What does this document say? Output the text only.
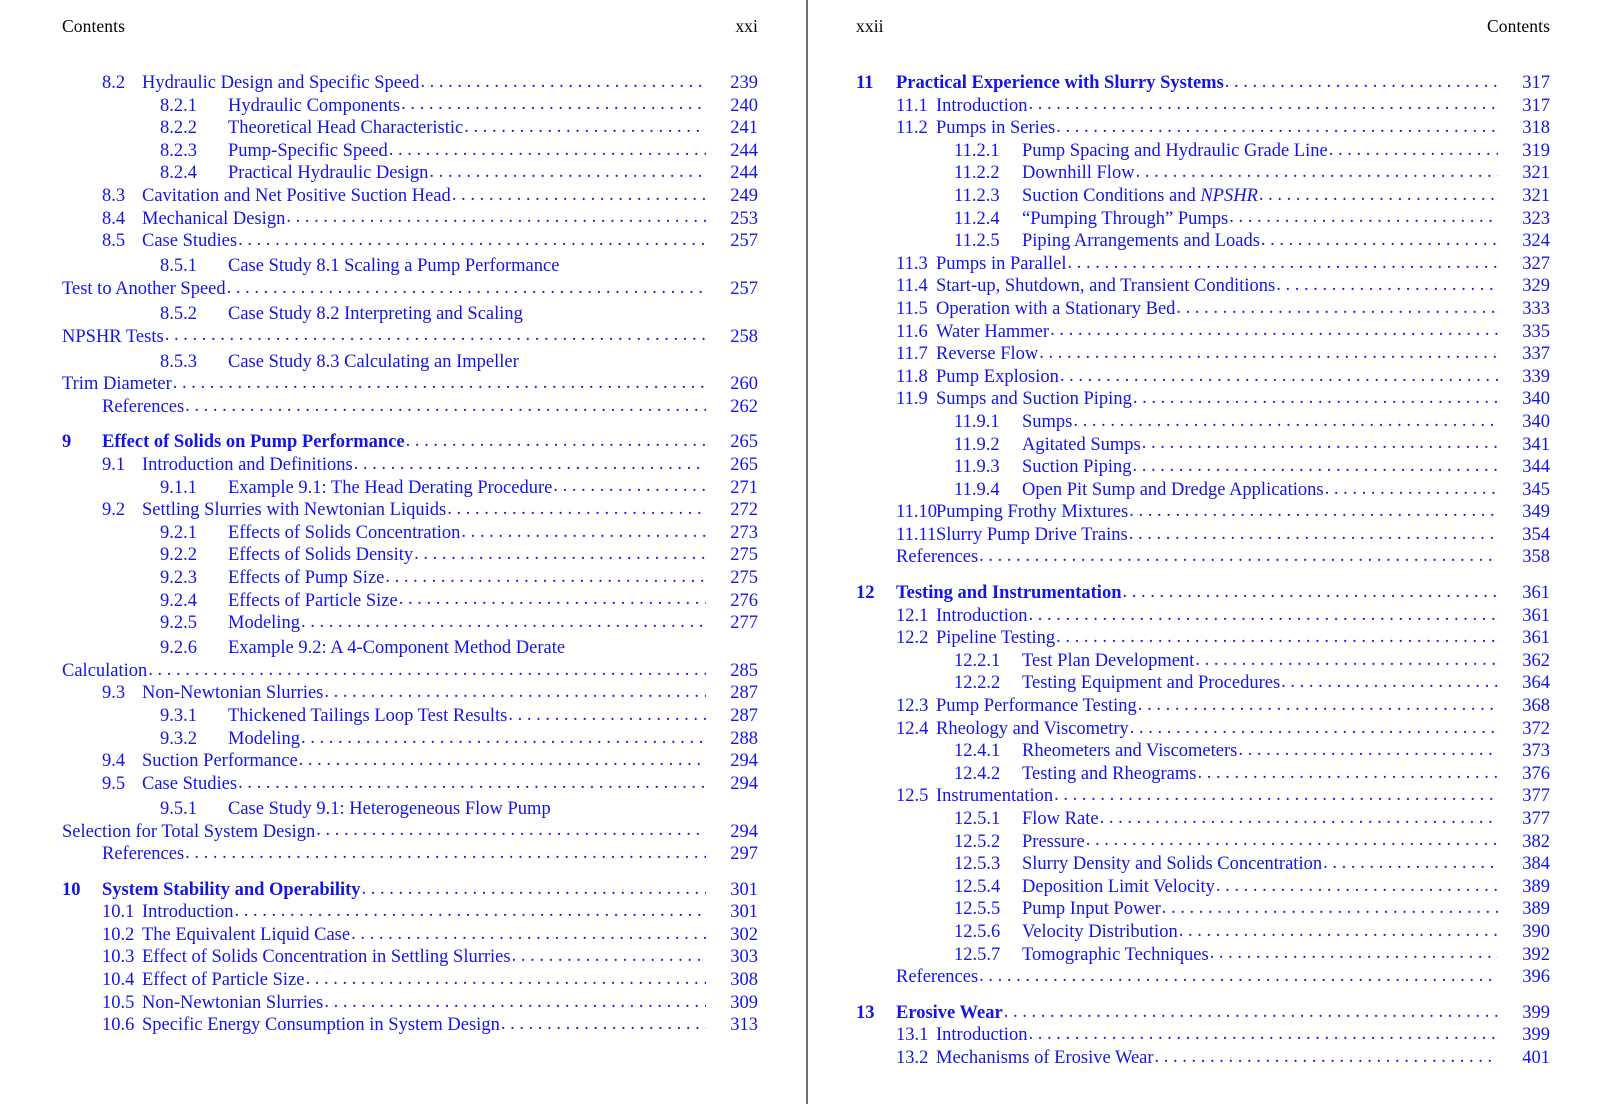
Contents	xxi
8.2 Hydraulic Design and Specific Speed . . .	239
8.2.1	Hydraulic Components . . .	240
8.2.2	Theoretical Head Characteristic . . .	241
8.2.3	Pump-Specific Speed . . .	244
8.2.4	Practical Hydraulic Design . . .	244
8.3 Cavitation and Net Positive Suction Head . . .	249
8.4 Mechanical Design . . .	253
8.5 Case Studies . . .	257
8.5.1	Case Study 8.1 Scaling a Pump Performance
Test to Another Speed . . .	257
8.5.2	Case Study 8.2 Interpreting and Scaling
NPSHR Tests . . .	258
8.5.3	Case Study 8.3 Calculating an Impeller
Trim Diameter . . .	260
References . . .	262
9	Effect of Solids on Pump Performance . . .	265
9.1 Introduction and Definitions . . .	265
9.1.1	Example 9.1: The Head Derating Procedure . . .	271
9.2 Settling Slurries with Newtonian Liquids . . .	272
9.2.1	Effects of Solids Concentration . . .	273
9.2.2	Effects of Solids Density . . .	275
9.2.3	Effects of Pump Size . . .	275
9.2.4	Effects of Particle Size . . .	276
9.2.5	Modeling . . .	277
9.2.6	Example 9.2: A 4-Component Method Derate
Calculation . . .	285
9.3 Non-Newtonian Slurries . . .	287
9.3.1	Thickened Tailings Loop Test Results . . .	287
9.3.2	Modeling . . .	288
9.4 Suction Performance . . .	294
9.5 Case Studies . . .	294
9.5.1	Case Study 9.1: Heterogeneous Flow Pump
Selection for Total System Design . . .	294
References . . .	297
10	System Stability and Operability . . .	301
10.1 Introduction . . .	301
10.2 The Equivalent Liquid Case . . .	302
10.3 Effect of Solids Concentration in Settling Slurries . . .	303
10.4 Effect of Particle Size . . .	308
10.5 Non-Newtonian Slurries . . .	309
10.6 Specific Energy Consumption in System Design . . .	313
xxii	Contents
11	Practical Experience with Slurry Systems . . .	317
11.1 Introduction . . .	317
11.2 Pumps in Series . . .	318
11.2.1	Pump Spacing and Hydraulic Grade Line . . .	319
11.2.2	Downhill Flow . . .	321
11.2.3	Suction Conditions and NPSHR . . .	321
11.2.4	“Pumping Through” Pumps . . .	323
11.2.5	Piping Arrangements and Loads . . .	324
11.3 Pumps in Parallel . . .	327
11.4 Start-up, Shutdown, and Transient Conditions . . .	329
11.5 Operation with a Stationary Bed . . .	333
11.6 Water Hammer . . .	335
11.7 Reverse Flow . . .	337
11.8 Pump Explosion . . .	339
11.9 Sumps and Suction Piping . . .	340
11.9.1	Sumps . . .	340
11.9.2	Agitated Sumps . . .	341
11.9.3	Suction Piping . . .	344
11.9.4	Open Pit Sump and Dredge Applications . . .	345
11.10 Pumping Frothy Mixtures . . .	349
11.11 Slurry Pump Drive Trains . . .	354
References . . .	358
12	Testing and Instrumentation . . .	361
12.1 Introduction . . .	361
12.2 Pipeline Testing . . .	361
12.2.1	Test Plan Development . . .	362
12.2.2	Testing Equipment and Procedures . . .	364
12.3 Pump Performance Testing . . .	368
12.4 Rheology and Viscometry . . .	372
12.4.1	Rheometers and Viscometers . . .	373
12.4.2	Testing and Rheograms . . .	376
12.5 Instrumentation . . .	377
12.5.1	Flow Rate . . .	377
12.5.2	Pressure . . .	382
12.5.3	Slurry Density and Solids Concentration . . .	384
12.5.4	Deposition Limit Velocity . . .	389
12.5.5	Pump Input Power . . .	389
12.5.6	Velocity Distribution . . .	390
12.5.7	Tomographic Techniques . . .	392
References . . .	396
13	Erosive Wear . . .	399
13.1 Introduction . . .	399
13.2 Mechanisms of Erosive Wear . . .	401
